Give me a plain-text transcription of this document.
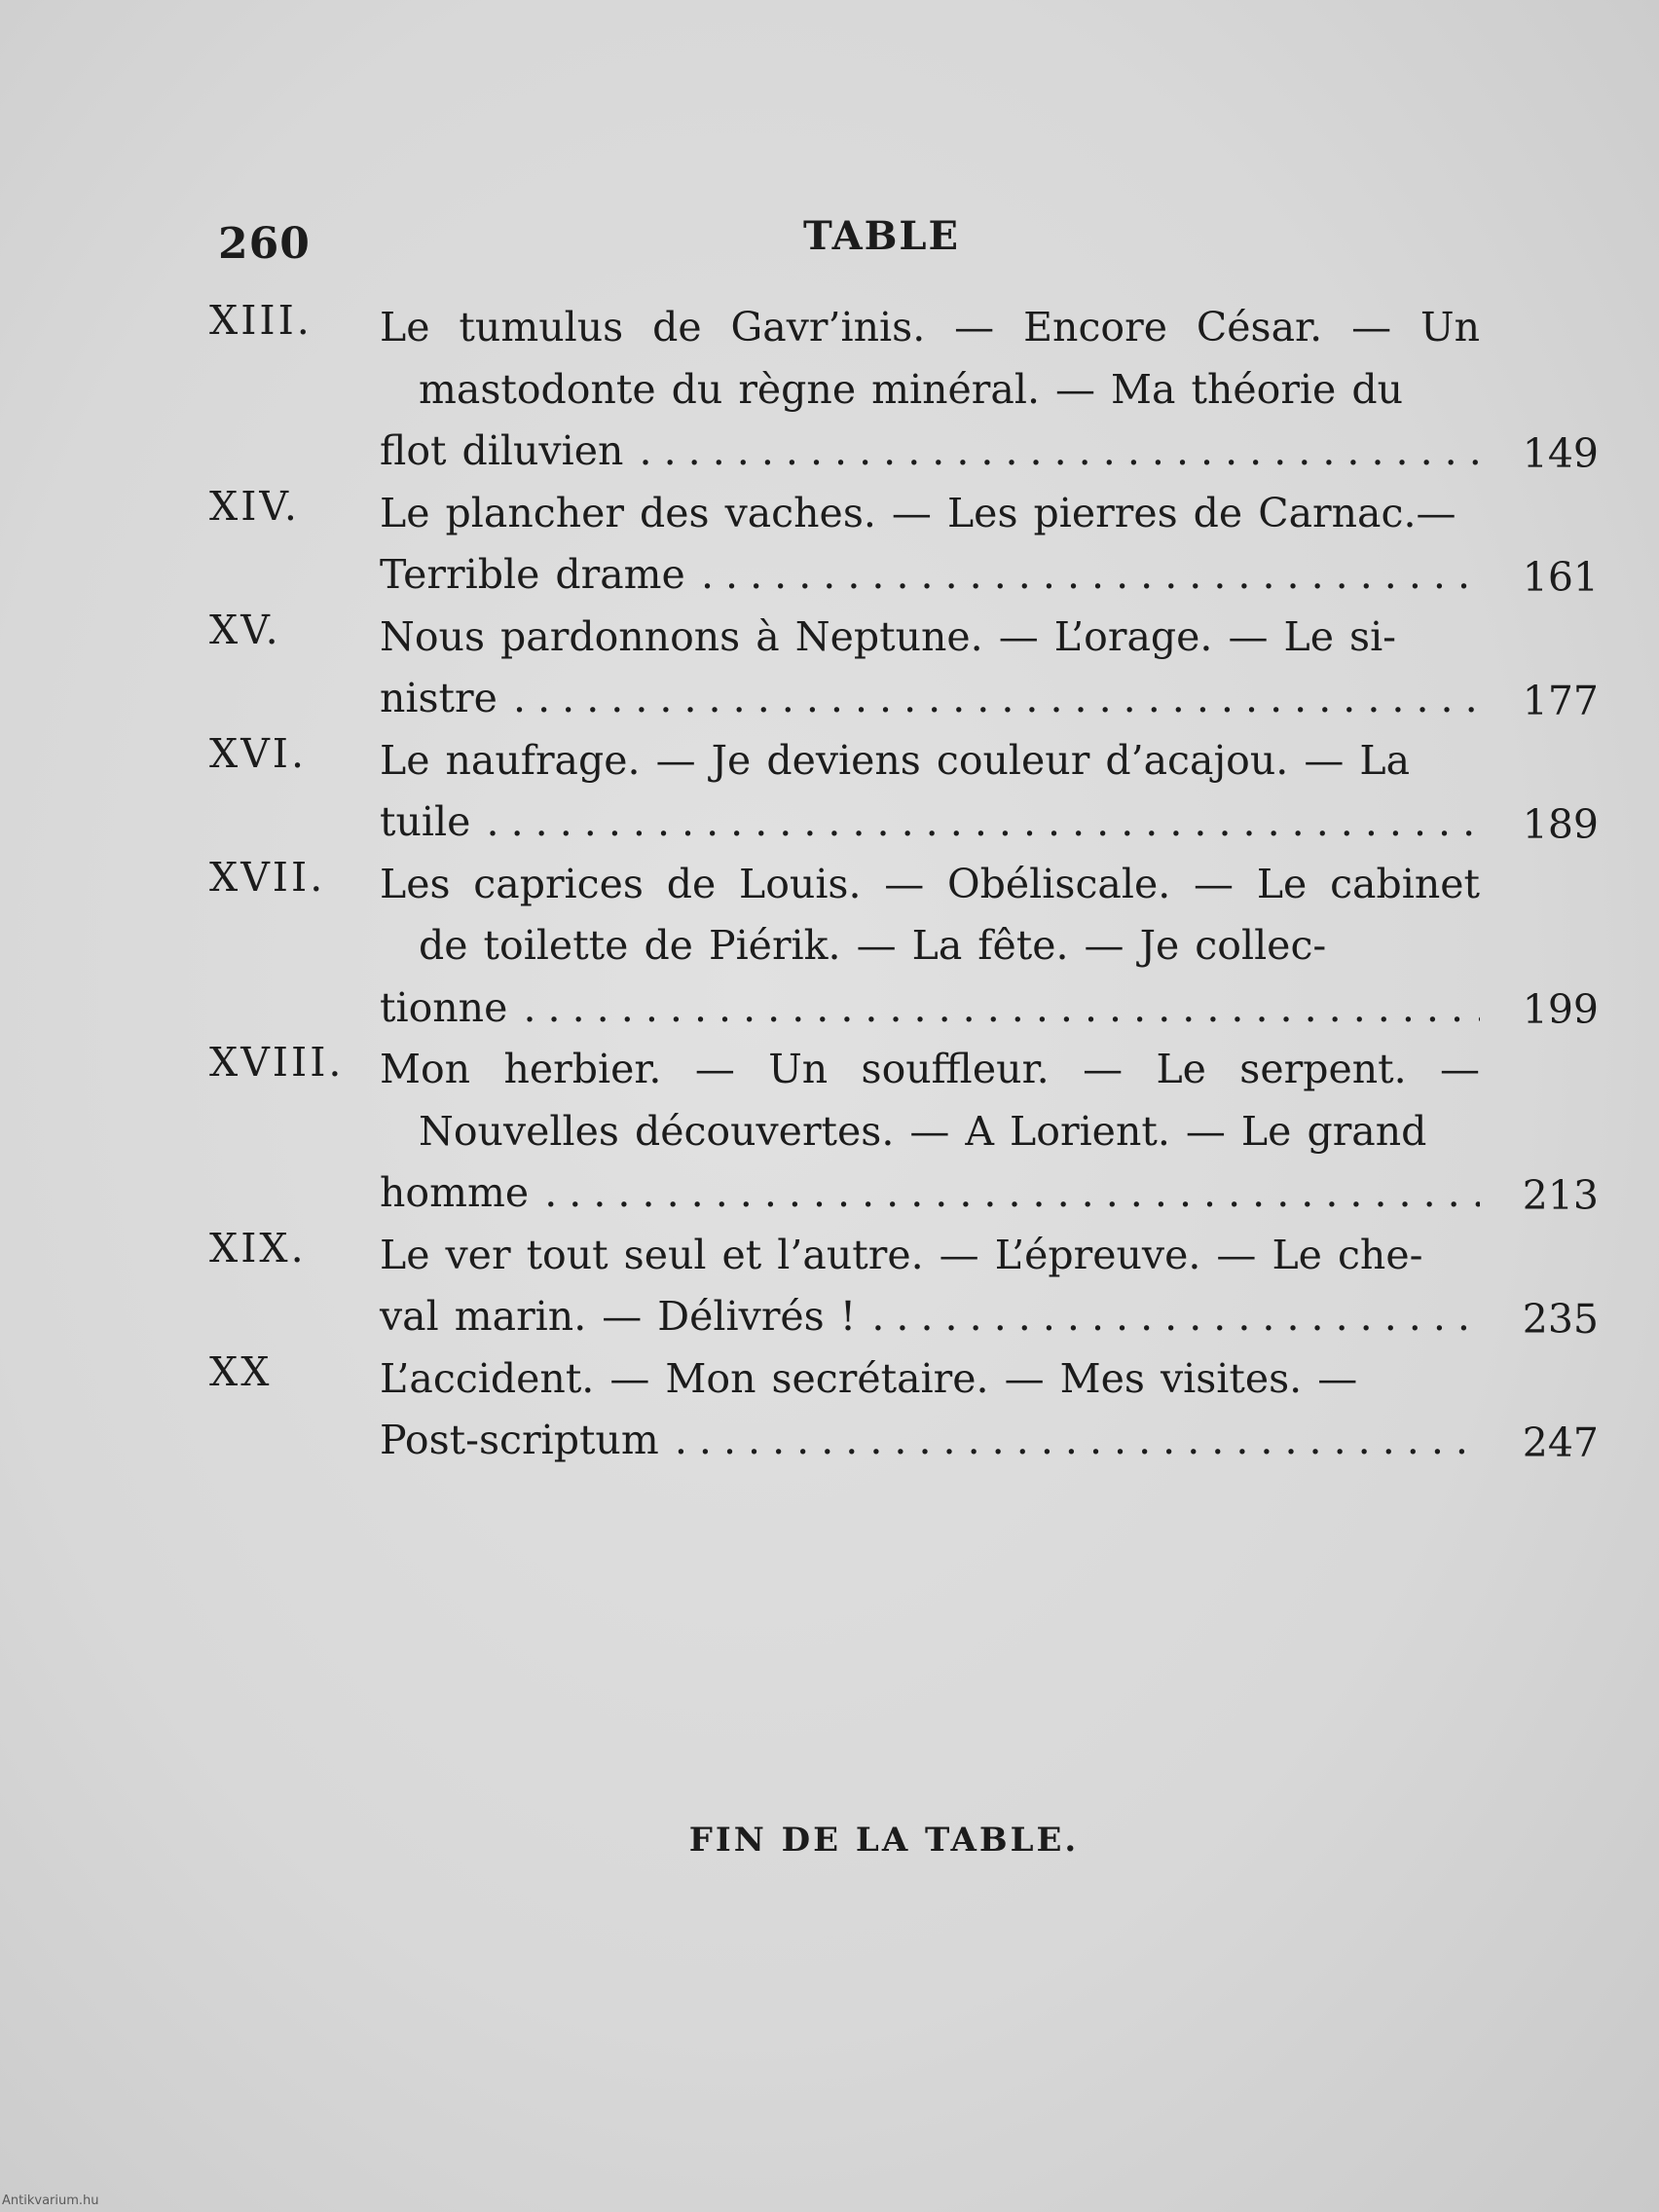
260	TABLE
XIII. Le tumulus de Gavr’inis. — Encore César. — Un mastodonte du règne minéral. — Ma théorie du
flot diluvien . . .	149
XIV. Le plancher des vaches. — Les pierres de Carnac.—
Terrible drame . . .	161
XV. Nous pardonnons à Neptune. — L’orage. — Le si-
nistre . . .	177
XVI. Le naufrage. — Je deviens couleur d’acajou. — La
tuile . . .	189
XVII. Les caprices de Louis. — Obéliscale. — Le cabinet de toilette de Piérik. — La fête. — Je collec-
tionne . . .	199
XVIII. Mon herbier. — Un souffleur. — Le serpent. — Nouvelles découvertes. — A Lorient. — Le grand
homme . . .	213
XIX. Le ver tout seul et l’autre. — L’épreuve. — Le che-
val marin. — Délivrés ! . . .	235
XX	L’accident. — Mon secrétaire. — Mes visites. —
Post-scriptum . . .	247
FIN DE LA TABLE.
Antikvarium.hu
